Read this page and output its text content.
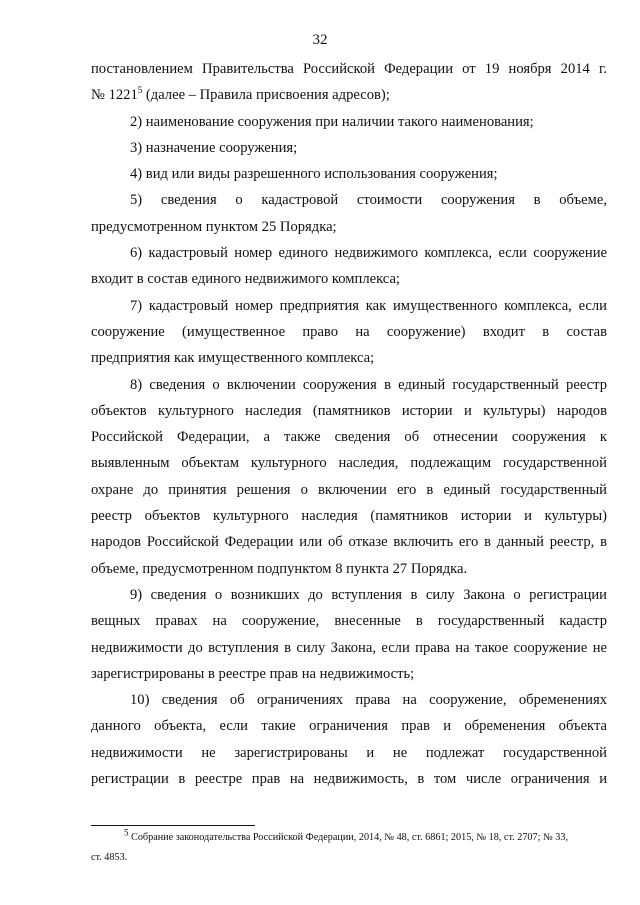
32
постановлением Правительства Российской Федерации от 19 ноября 2014 г.
№ 1221$^5$ (далее – Правила присвоения адресов);
2) наименование сооружения при наличии такого наименования;
3) назначение сооружения;
4) вид или виды разрешенного использования сооружения;
5) сведения о кадастровой стоимости сооружения в объеме,
предусмотренном пунктом 25 Порядка;
6) кадастровый номер единого недвижимого комплекса, если сооружение
входит в состав единого недвижимого комплекса;
7) кадастровый номер предприятия как имущественного комплекса, если
сооружение (имущественное право на сооружение) входит в состав
предприятия как имущественного комплекса;
8) сведения о включении сооружения в единый государственный реестр
объектов культурного наследия (памятников истории и культуры) народов
Российской Федерации, а также сведения об отнесении сооружения к
выявленным объектам культурного наследия, подлежащим государственной
охране до принятия решения о включении его в единый государственный
реестр объектов культурного наследия (памятников истории и культуры)
народов Российской Федерации или об отказе включить его в данный реестр, в
объеме, предусмотренном подпунктом 8 пункта 27 Порядка.
9) сведения о возникших до вступления в силу Закона о регистрации
вещных правах на сооружение, внесенные в государственный кадастр
недвижимости до вступления в силу Закона, если права на такое сооружение не
зарегистрированы в реестре прав на недвижимость;
10) сведения об ограничениях права на сооружение, обременениях
данного объекта, если такие ограничения прав и обременения объекта
недвижимости не зарегистрированы и не подлежат государственной
регистрации в реестре прав на недвижимость, в том числе ограничения и
$^5$ Собрание законодательства Российской Федерации, 2014, № 48, ст. 6861; 2015, № 18, ст. 2707; № 33,
ст. 4853.
